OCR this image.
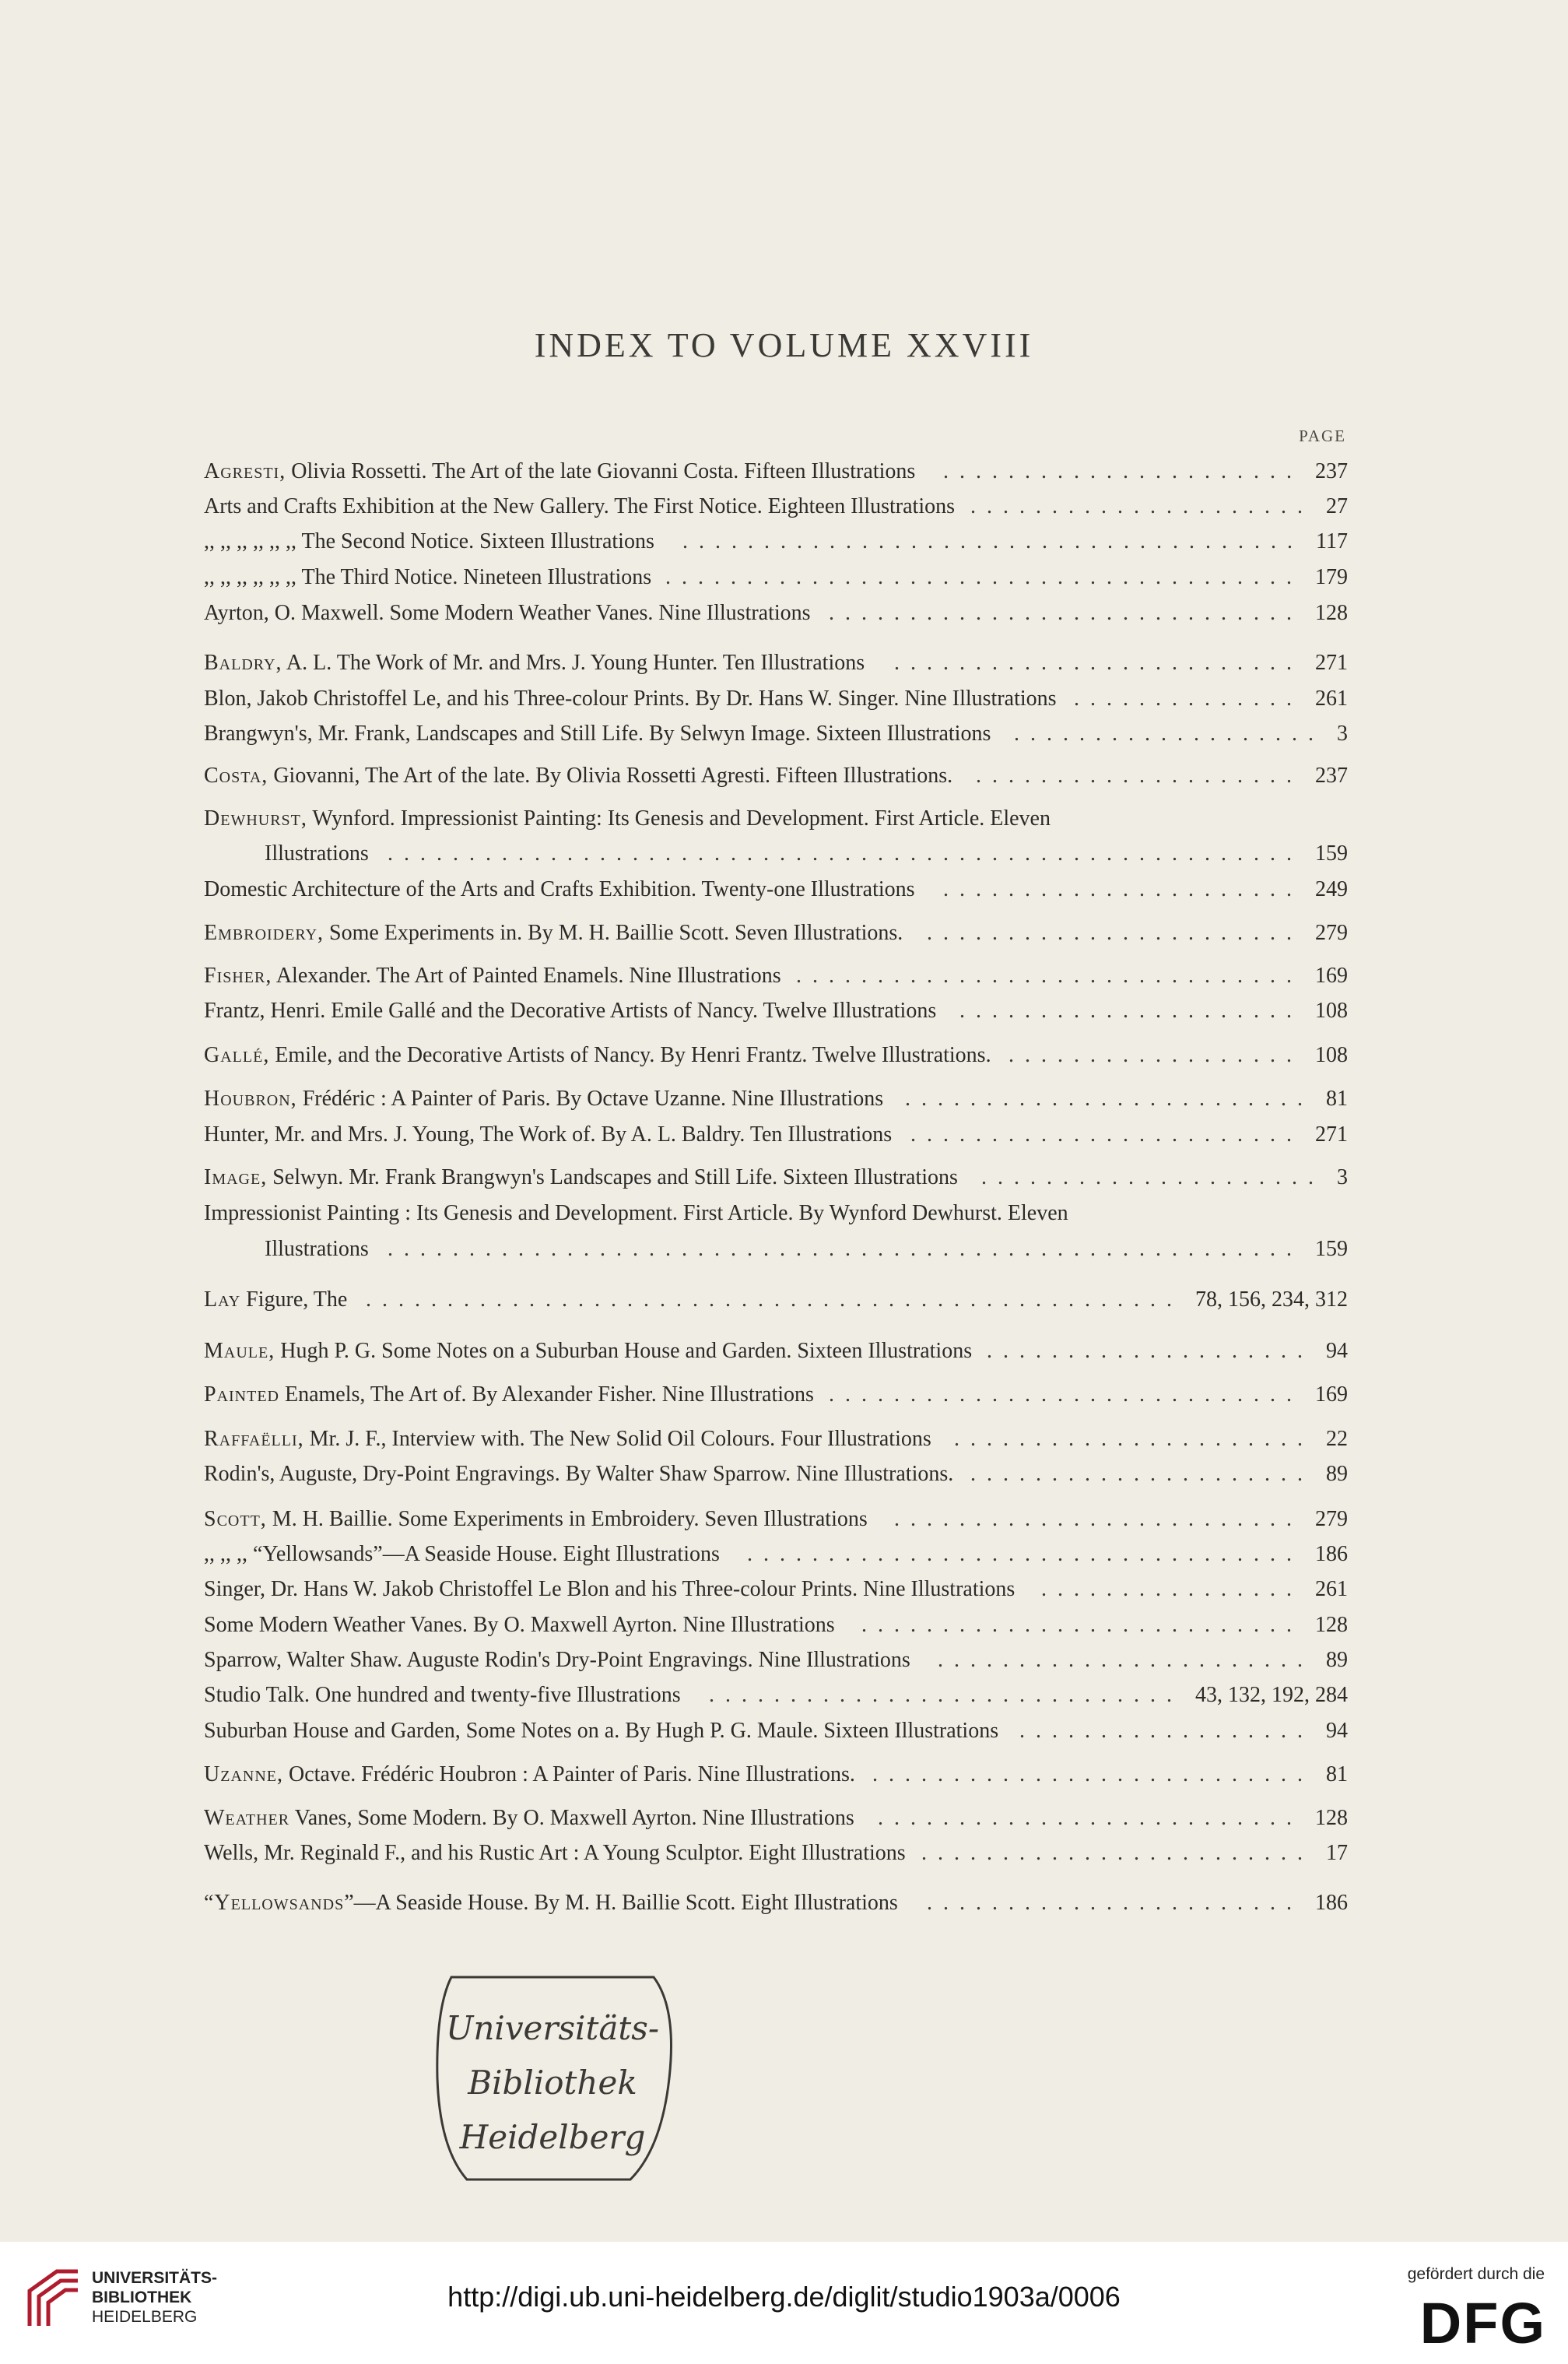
INDEX TO VOLUME XXVIII
PAGE
Agresti, Olivia Rossetti. The Art of the late Giovanni Costa. Fifteen Illustrations	237
......................
Arts and Crafts Exhibition at the New Gallery. The First Notice. Eighteen Illustrations	27
.....................
,, ,, ,, ,, ,, ,, The Second Notice. Sixteen Illustrations	117
......................................
,, ,, ,, ,, ,, ,, The Third Notice. Nineteen Illustrations	179
.......................................
Ayrton, O. Maxwell. Some Modern Weather Vanes. Nine Illustrations	128
.............................
Baldry, A. L. The Work of Mr. and Mrs. J. Young Hunter. Ten Illustrations	271
.........................
Blon, Jakob Christoffel Le, and his Three-colour Prints. By Dr. Hans W. Singer. Nine Illustrations	261
..............
Brangwyn's, Mr. Frank, Landscapes and Still Life. By Selwyn Image. Sixteen Illustrations	3
...................
Costa, Giovanni, The Art of the late. By Olivia Rossetti Agresti. Fifteen Illustrations.	237
....................
Dewhurst, Wynford. Impressionist Painting: Its Genesis and Development. First Article. Eleven
Illustrations	159
........................................................
Domestic Architecture of the Arts and Crafts Exhibition. Twenty-one Illustrations	249
......................
Embroidery, Some Experiments in. By M. H. Baillie Scott. Seven Illustrations.	279
.......................
Fisher, Alexander. The Art of Painted Enamels. Nine Illustrations	169
...............................
Frantz, Henri. Emile Gallé and the Decorative Artists of Nancy. Twelve Illustrations	108
.....................
Gallé, Emile, and the Decorative Artists of Nancy. By Henri Frantz. Twelve Illustrations.	108
..................
Houbron, Frédéric : A Painter of Paris. By Octave Uzanne. Nine Illustrations	81
.........................
Hunter, Mr. and Mrs. J. Young, The Work of. By A. L. Baldry. Ten Illustrations	271
........................
Image, Selwyn. Mr. Frank Brangwyn's Landscapes and Still Life. Sixteen Illustrations	3
.....................
Impressionist Painting : Its Genesis and Development. First Article. By Wynford Dewhurst. Eleven
Illustrations	159
........................................................
Lay Figure, The	78, 156, 234, 312
..................................................
Maule, Hugh P. G. Some Notes on a Suburban House and Garden. Sixteen Illustrations	94
....................
Painted Enamels, The Art of. By Alexander Fisher. Nine Illustrations	169
.............................
Raffaëlli, Mr. J. F., Interview with. The New Solid Oil Colours. Four Illustrations	22
......................
Rodin's, Auguste, Dry-Point Engravings. By Walter Shaw Sparrow. Nine Illustrations.	89
.....................
Scott, M. H. Baillie. Some Experiments in Embroidery. Seven Illustrations	279
.........................
,, ,, ,, “Yellowsands”—A Seaside House. Eight Illustrations	186
..................................
Singer, Dr. Hans W. Jakob Christoffel Le Blon and his Three-colour Prints. Nine Illustrations	261
................
Some Modern Weather Vanes. By O. Maxwell Ayrton. Nine Illustrations	128
...........................
Sparrow, Walter Shaw. Auguste Rodin's Dry-Point Engravings. Nine Illustrations	89
.......................
Studio Talk. One hundred and twenty-five Illustrations	43, 132, 192, 284
.............................
Suburban House and Garden, Some Notes on a. By Hugh P. G. Maule. Sixteen Illustrations	94
..................
Uzanne, Octave. Frédéric Houbron : A Painter of Paris. Nine Illustrations.	81
...........................
Weather Vanes, Some Modern. By O. Maxwell Ayrton. Nine Illustrations	128
..........................
Wells, Mr. Reginald F., and his Rustic Art : A Young Sculptor. Eight Illustrations	17
........................
“Yellowsands”—A Seaside House. By M. H. Baillie Scott. Eight Illustrations	186
.......................
Universitäts-
Bibliothek
Heidelberg
UNIVERSITÄTS-
BIBLIOTHEK
HEIDELBERG
http://digi.ub.uni-heidelberg.de/diglit/studio1903a/0006
gefördert durch die
DFG
